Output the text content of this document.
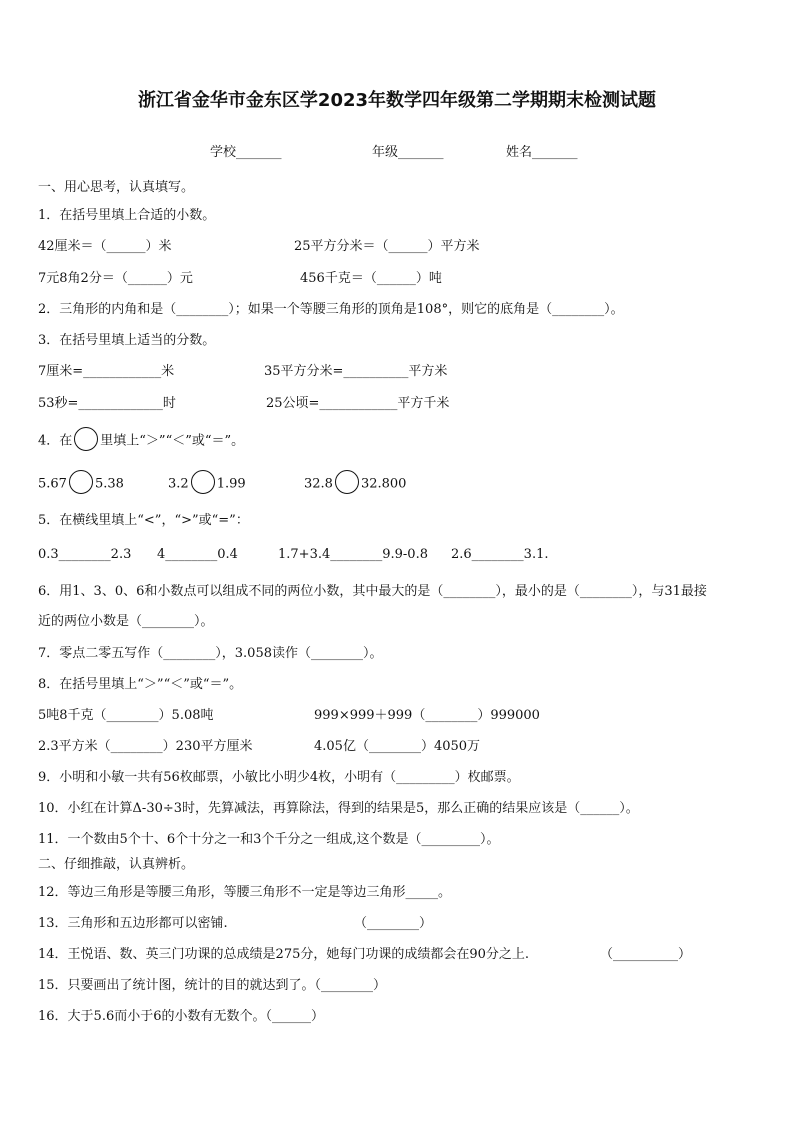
浙江省金华市金东区学2023年数学四年级第二学期期末检测试题
学校_______	年级_______	姓名_______
一、用心思考，认真填写。
1．在括号里填上合适的小数。
42厘米＝（______）米	25平方分米＝（______）平方米
7元8角2分＝（______）元	456千克＝（______）吨
2．三角形的内角和是（________）；如果一个等腰三角形的顶角是108°，则它的底角是（________）。
3．在括号里填上适当的分数。
7厘米=____________米	35平方分米=__________平方米
53秒=_____________时	25公顷=____________平方千米
4．在 里填上“＞”“＜”或“＝”。
5.67 5.38	3.2 1.99	32.8 32.800
5．在横线里填上“<”，“>”或“=”：
0.3________2.3 4________0.4	1.7+3.4________9.9-0.8 2.6________3.1.
6．用1、3、0、6和小数点可以组成不同的两位小数，其中最大的是（________），最小的是（________），与31最接
近的两位小数是（________）。
7．零点二零五写作（________），3.058读作（________）。
8．在括号里填上“＞”“＜”或“＝”。
5吨8千克（________）5.08吨	999×999＋999（________）999000
2.3平方米（________）230平方厘米	4.05亿（________）4050万
9．小明和小敏一共有56枚邮票，小敏比小明少4枚，小明有（_________）枚邮票。
10．小红在计算Δ-30÷3时，先算减法，再算除法，得到的结果是5，那么正确的结果应该是（______）。
11．一个数由5个十、6个十分之一和3个千分之一组成,这个数是（_________）。
二、仔细推敲，认真辨析。
12．等边三角形是等腰三角形，等腰三角形不一定是等边三角形_____。
13．三角形和五边形都可以密铺.	（________）
14．王悦语、数、英三门功课的总成绩是275分，她每门功课的成绩都会在90分之上.	（__________）
15．只要画出了统计图，统计的目的就达到了。（________）
16．大于5.6而小于6的小数有无数个。（______）
